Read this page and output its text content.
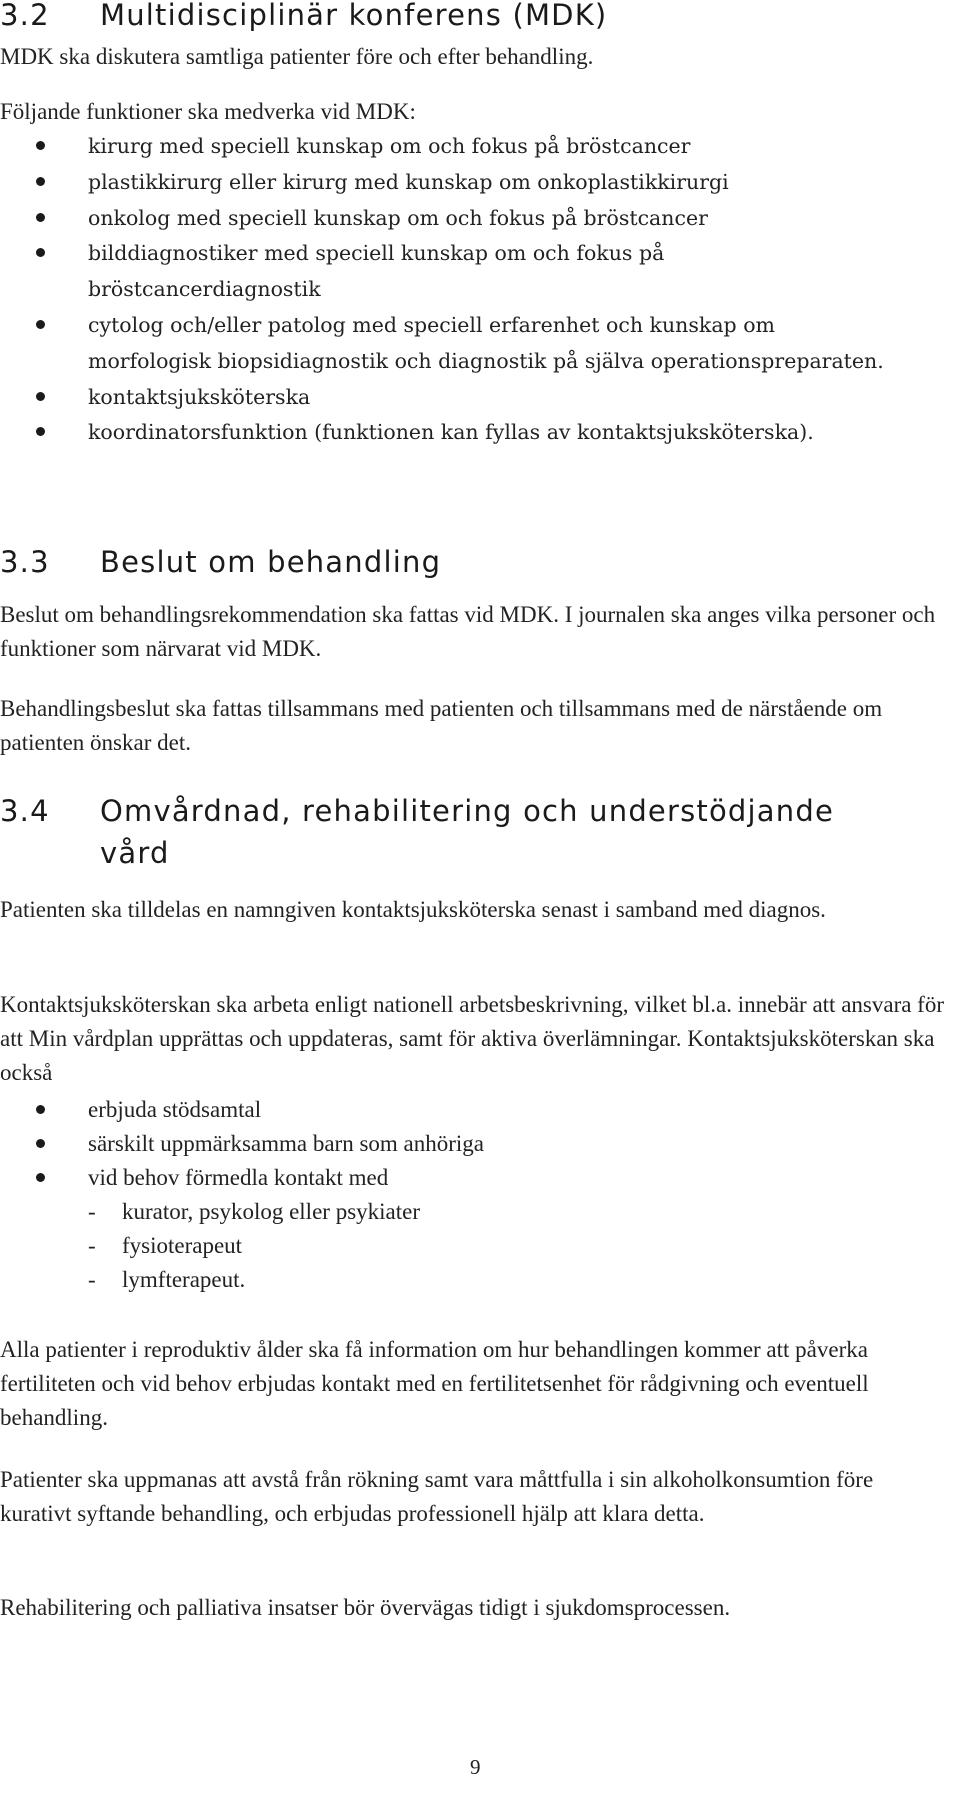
3.2 Multidisciplinär konferens (MDK)

MDK ska diskutera samtliga patienter före och efter behandling.

Följande funktioner ska medverka vid MDK:

kirurg med speciell kunskap om och fokus på bröstcancer
plastikkirurg eller kirurg med kunskap om onkoplastikkirurgi
onkolog med speciell kunskap om och fokus på bröstcancer
bilddiagnostiker med speciell kunskap om och fokus på
bröstcancerdiagnostik
cytolog och/eller patolog med speciell erfarenhet och kunskap om
morfologisk biopsidiagnostik och diagnostik på själva operationspreparaten.
kontaktsjuksköterska
koordinatorsfunktion (funktionen kan fyllas av kontaktsjuksköterska).
3.3 Beslut om behandling

Beslut om behandlingsrekommendation ska fattas vid MDK. I journalen ska anges vilka personer och funktioner som närvarat vid MDK.

Behandlingsbeslut ska fattas tillsammans med patienten och tillsammans med de närstående om patienten önskar det.

3.4 Omvårdnad, rehabilitering och understödjande
vård

Patienten ska tilldelas en namngiven kontaktsjuksköterska senast i samband med diagnos.

Kontaktsjuksköterskan ska arbeta enligt nationell arbetsbeskrivning, vilket bl.a. innebär att ansvara för att Min vårdplan upprättas och uppdateras, samt för aktiva överlämningar. Kontaktsjuksköterskan ska också

erbjuda stödsamtal
särskilt uppmärksamma barn som anhöriga
vid behov förmedla kontakt med
- kurator, psykolog eller psykiater
- fysioterapeut
- lymfterapeut.

Alla patienter i reproduktiv ålder ska få information om hur behandlingen kommer att påverka fertiliteten och vid behov erbjudas kontakt med en fertilitetsenhet för rådgivning och eventuell behandling.

Patienter ska uppmanas att avstå från rökning samt vara måttfulla i sin alkoholkonsumtion före kurativt syftande behandling, och erbjudas professionell hjälp att klara detta.

Rehabilitering och palliativa insatser bör övervägas tidigt i sjukdomsprocessen.

9
